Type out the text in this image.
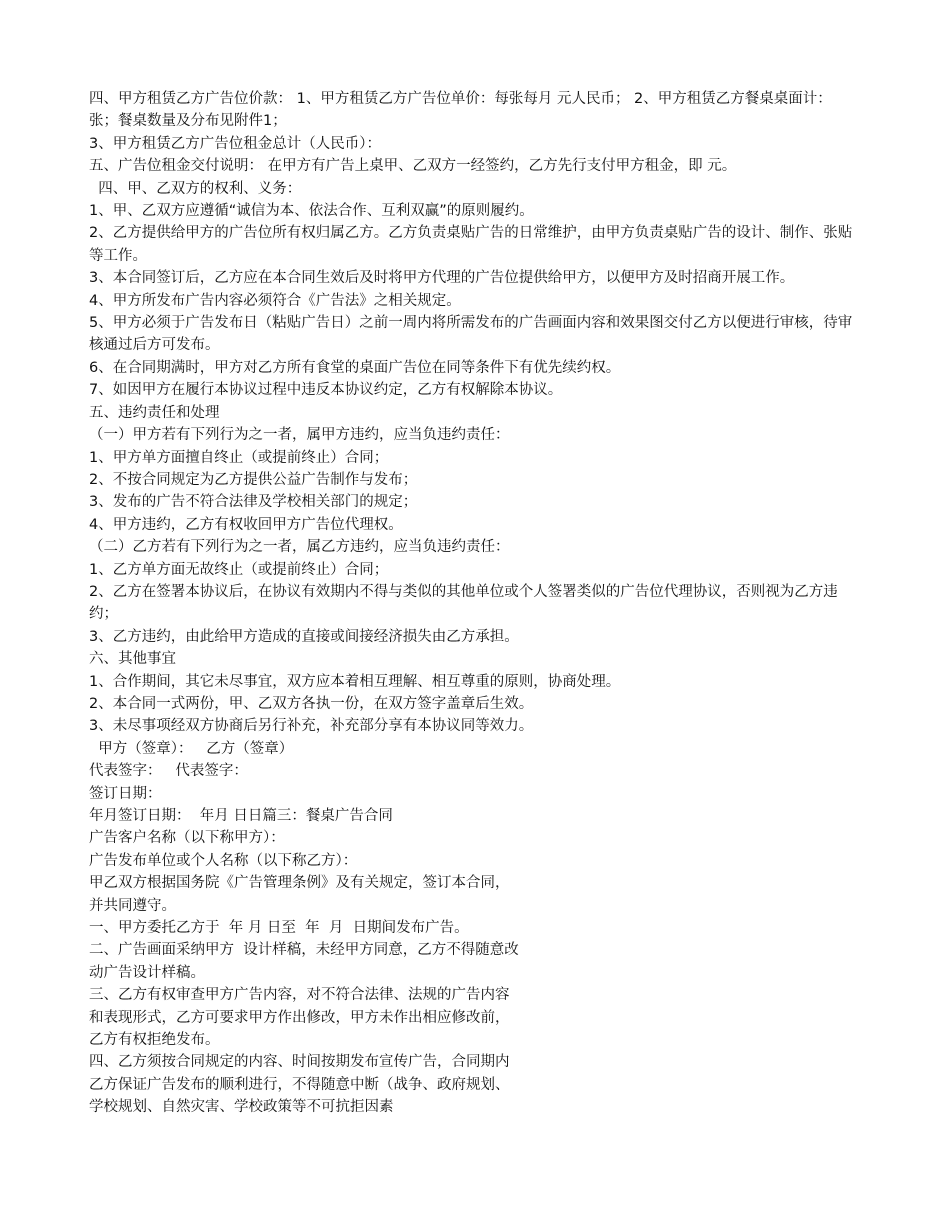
四、甲方租赁乙方广告位价款： 1、甲方租赁乙方广告位单价：每张每月 元人民币； 2、甲方租赁乙方餐桌桌面计： 张；餐桌数量及分布见附件1；
3、甲方租赁乙方广告位租金总计（人民币）：
五、广告位租金交付说明： 在甲方有广告上桌甲、乙双方一经签约，乙方先行支付甲方租金，即 元。
四、甲、乙双方的权利、义务：
1、甲、乙双方应遵循“诚信为本、依法合作、互利双赢”的原则履约。
2、乙方提供给甲方的广告位所有权归属乙方。乙方负责桌贴广告的日常维护，由甲方负责桌贴广告的设计、制作、张贴等工作。
3、本合同签订后，乙方应在本合同生效后及时将甲方代理的广告位提供给甲方，以便甲方及时招商开展工作。
4、甲方所发布广告内容必须符合《广告法》之相关规定。
5、甲方必须于广告发布日（粘贴广告日）之前一周内将所需发布的广告画面内容和效果图交付乙方以便进行审核，待审核通过后方可发布。
6、在合同期满时，甲方对乙方所有食堂的桌面广告位在同等条件下有优先续约权。
7、如因甲方在履行本协议过程中违反本协议约定，乙方有权解除本协议。
五、违约责任和处理
（一）甲方若有下列行为之一者，属甲方违约，应当负违约责任：
1、甲方单方面擅自终止（或提前终止）合同；
2、不按合同规定为乙方提供公益广告制作与发布；
3、发布的广告不符合法律及学校相关部门的规定；
4、甲方违约，乙方有权收回甲方广告位代理权。
（二）乙方若有下列行为之一者，属乙方违约，应当负违约责任：
1、乙方单方面无故终止（或提前终止）合同；
2、乙方在签署本协议后，在协议有效期内不得与类似的其他单位或个人签署类似的广告位代理协议，否则视为乙方违约；
3、乙方违约，由此给甲方造成的直接或间接经济损失由乙方承担。
六、其他事宜
1、合作期间，其它未尽事宜，双方应本着相互理解、相互尊重的原则，协商处理。
2、本合同一式两份，甲、乙双方各执一份，在双方签字盖章后生效。
3、未尽事项经双方协商后另行补充，补充部分享有本协议同等效力。
甲方（签章）：   乙方（签章）
代表签字：   代表签字：
签订日期：
年月签订日期：  年月 日日篇三：餐桌广告合同
广告客户名称（以下称甲方）：
广告发布单位或个人名称（以下称乙方）：
甲乙双方根据国务院《广告管理条例》及有关规定，签订本合同，并共同遵守。
一、甲方委托乙方于  年 月 日至  年  月  日期间发布广告。
二、广告画面采纳甲方  设计样稿，未经甲方同意，乙方不得随意改动广告设计样稿。
三、乙方有权审查甲方广告内容，对不符合法律、法规的广告内容和表现形式，乙方可要求甲方作出修改，甲方未作出相应修改前，乙方有权拒绝发布。
四、乙方须按合同规定的内容、时间按期发布宣传广告，合同期内乙方保证广告发布的顺利进行，不得随意中断（战争、政府规划、学校规划、自然灾害、学校政策等不可抗拒因素
